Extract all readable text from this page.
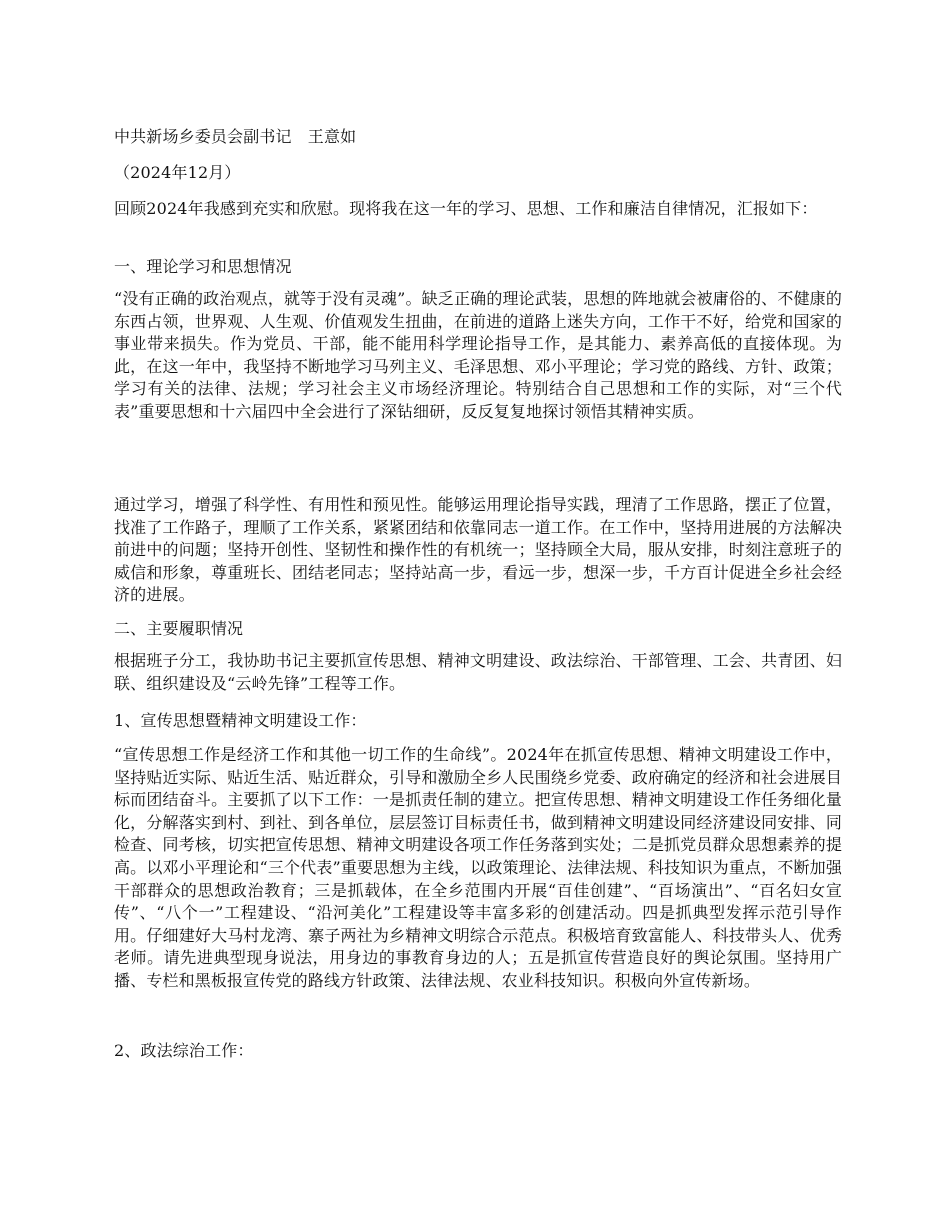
中共新场乡委员会副书记　王意如

（2024年12月）

回顾2024年我感到充实和欣慰。现将我在这一年的学习、思想、工作和廉洁自律情况，汇报如下：

一、理论学习和思想情况

“没有正确的政治观点，就等于没有灵魂”。缺乏正确的理论武装，思想的阵地就会被庸俗的、不健康的东西占领，世界观、人生观、价值观发生扭曲，在前进的道路上迷失方向，工作干不好，给党和国家的事业带来损失。作为党员、干部，能不能用科学理论指导工作，是其能力、素养高低的直接体现。为此，在这一年中，我坚持不断地学习马列主义、毛泽思想、邓小平理论；学习党的路线、方针、政策；学习有关的法律、法规；学习社会主义市场经济理论。特别结合自己思想和工作的实际，对“三个代表”重要思想和十六届四中全会进行了深钻细研，反反复复地探讨领悟其精神实质。

通过学习，增强了科学性、有用性和预见性。能够运用理论指导实践，理清了工作思路，摆正了位置，找准了工作路子，理顺了工作关系，紧紧团结和依靠同志一道工作。在工作中，坚持用进展的方法解决前进中的问题；坚持开创性、坚韧性和操作性的有机统一；坚持顾全大局，服从安排，时刻注意班子的威信和形象，尊重班长、团结老同志；坚持站高一步，看远一步，想深一步，千方百计促进全乡社会经济的进展。

二、主要履职情况

根据班子分工，我协助书记主要抓宣传思想、精神文明建设、政法综治、干部管理、工会、共青团、妇联、组织建设及“云岭先锋”工程等工作。

1、宣传思想暨精神文明建设工作：

“宣传思想工作是经济工作和其他一切工作的生命线”。2024年在抓宣传思想、精神文明建设工作中，坚持贴近实际、贴近生活、贴近群众，引导和激励全乡人民围绕乡党委、政府确定的经济和社会进展目标而团结奋斗。主要抓了以下工作：一是抓责任制的建立。把宣传思想、精神文明建设工作任务细化量化，分解落实到村、到社、到各单位，层层签订目标责任书，做到精神文明建设同经济建设同安排、同检查、同考核，切实把宣传思想、精神文明建设各项工作任务落到实处；二是抓党员群众思想素养的提高。以邓小平理论和“三个代表”重要思想为主线，以政策理论、法律法规、科技知识为重点，不断加强干部群众的思想政治教育；三是抓载体，在全乡范围内开展“百佳创建”、“百场演出”、“百名妇女宣传”、“八个一”工程建设、“沿河美化”工程建设等丰富多彩的创建活动。四是抓典型发挥示范引导作用。仔细建好大马村龙湾、寨子两社为乡精神文明综合示范点。积极培育致富能人、科技带头人、优秀老师。请先进典型现身说法，用身边的事教育身边的人；五是抓宣传营造良好的舆论氛围。坚持用广播、专栏和黑板报宣传党的路线方针政策、法律法规、农业科技知识。积极向外宣传新场。

2、政法综治工作：
